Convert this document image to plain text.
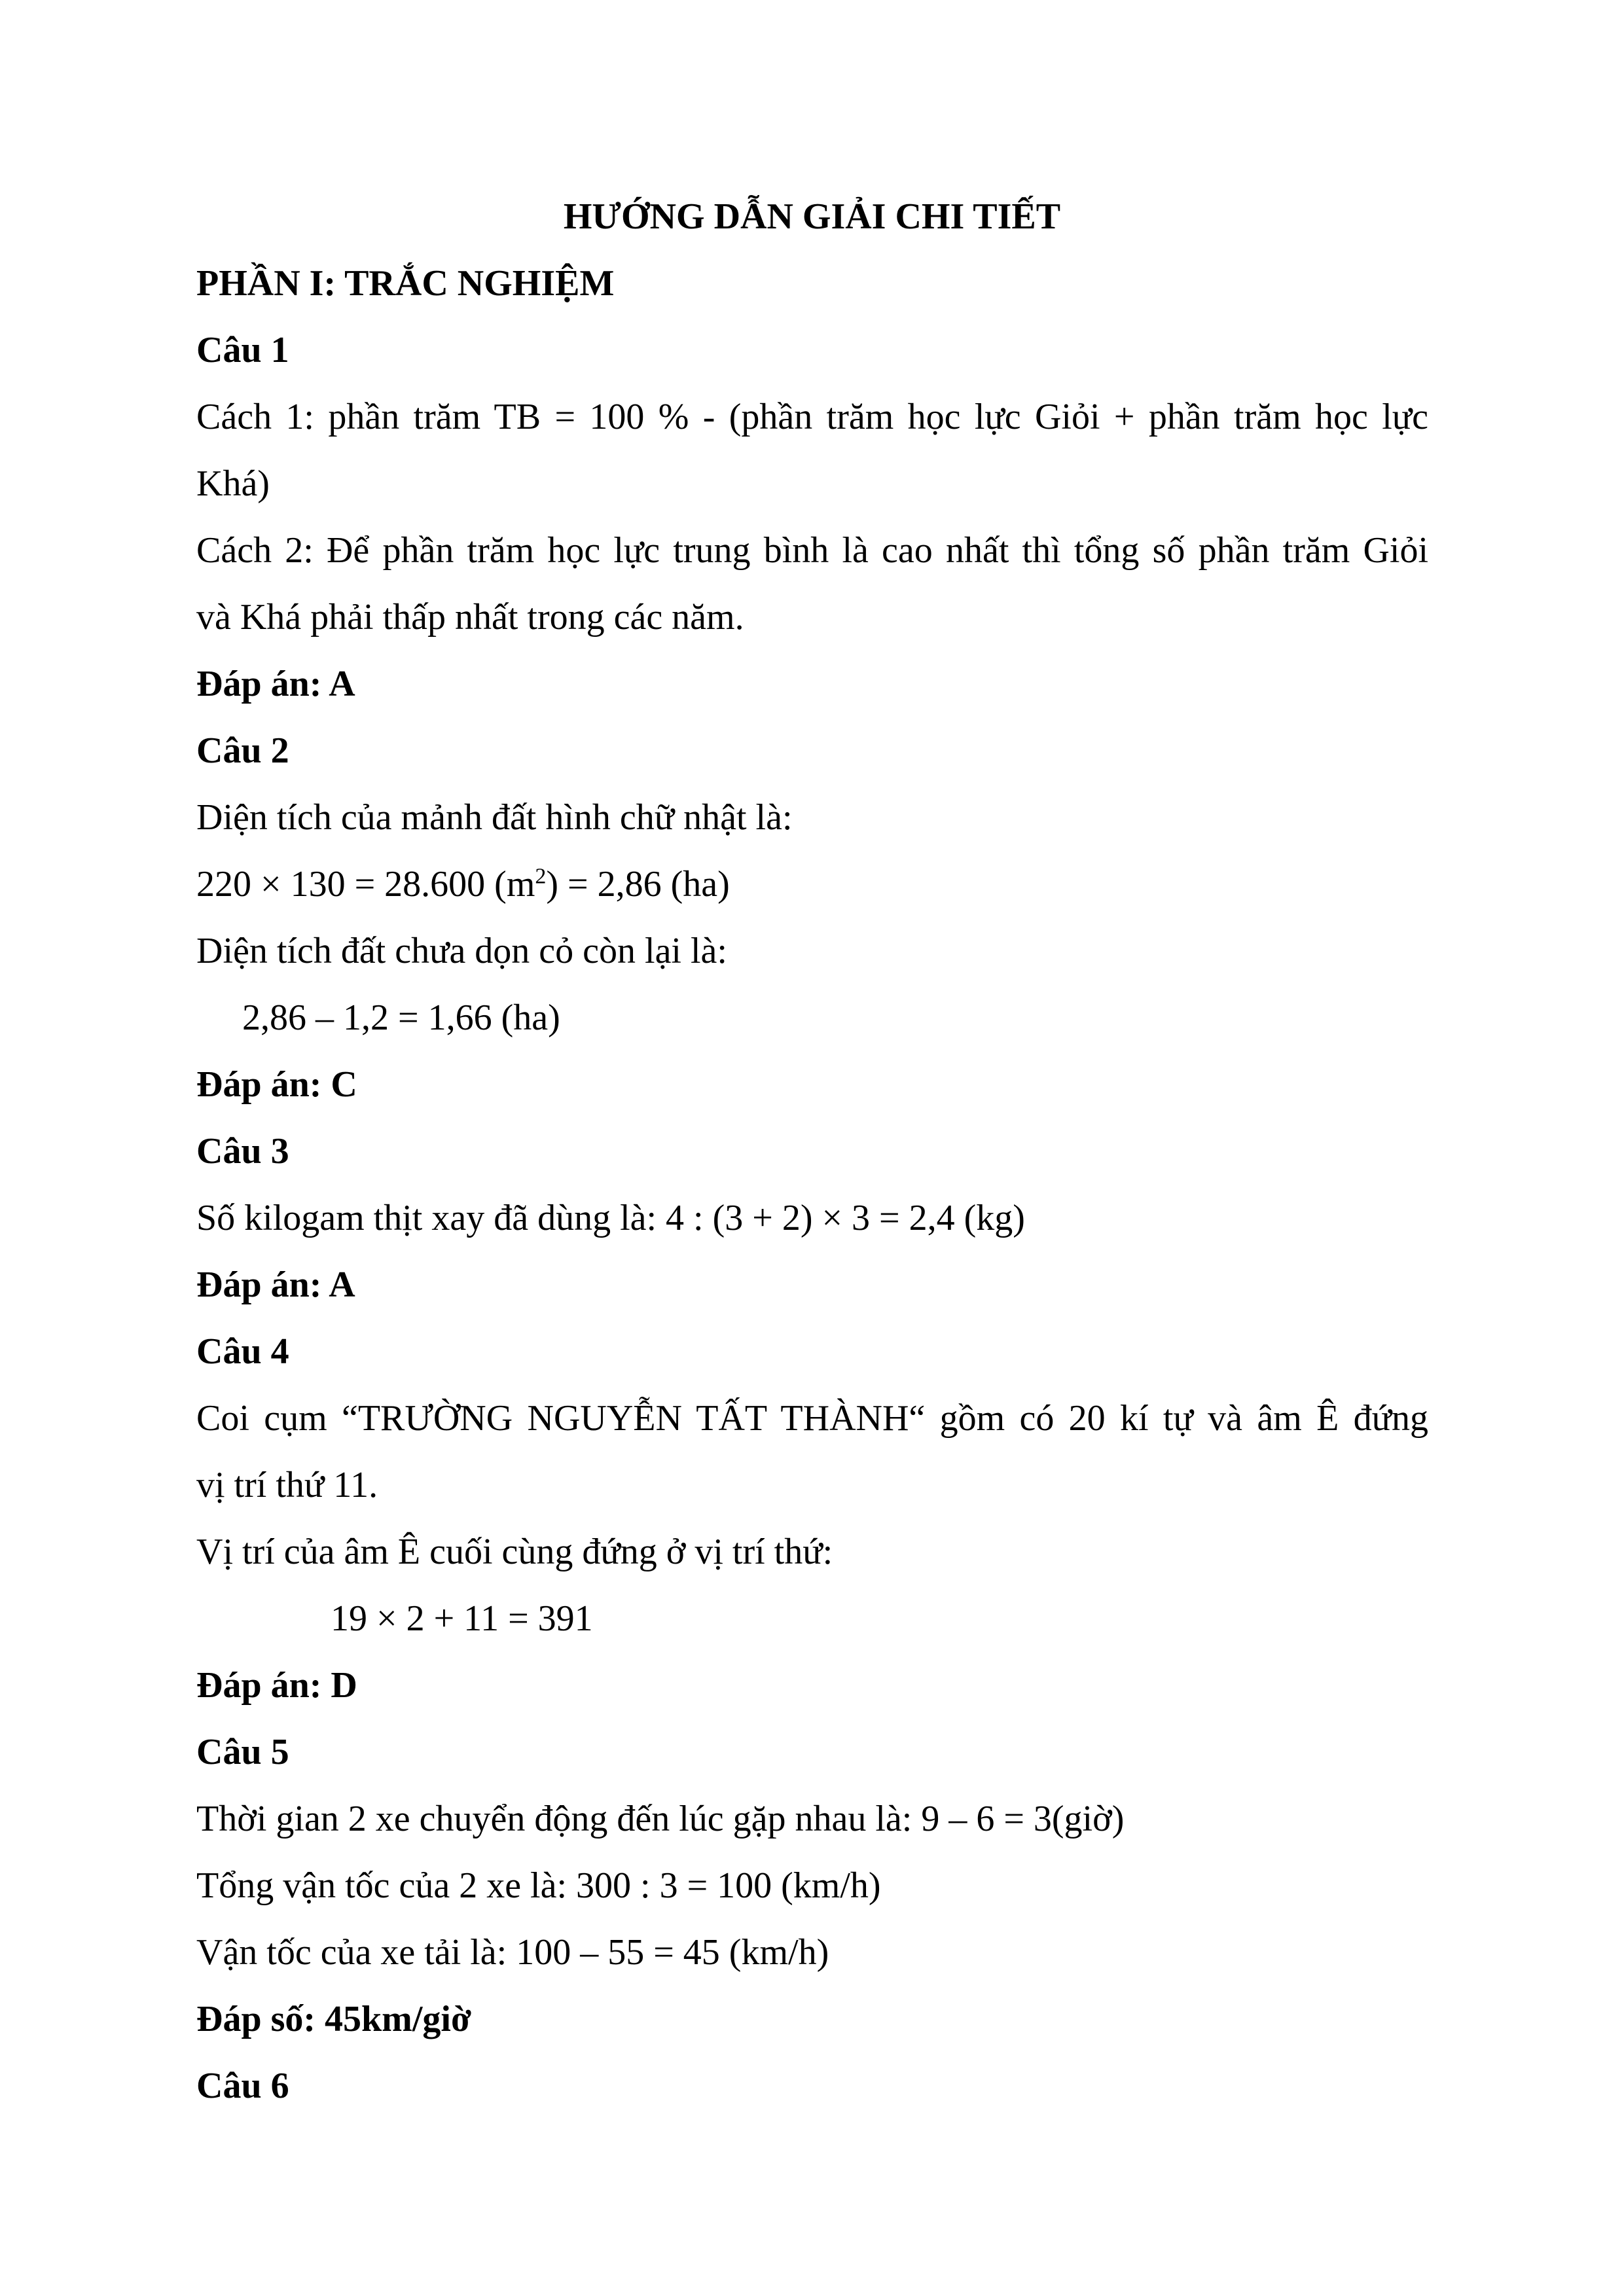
HƯỚNG DẪN GIẢI CHI TIẾT
PHẦN I: TRẮC NGHIỆM
Câu 1
Cách 1: phần trăm TB = 100 % - (phần trăm học lực Giỏi + phần trăm học lực
Khá)
Cách 2: Để phần trăm học lực trung bình là cao nhất thì tổng số phần trăm Giỏi
và Khá phải thấp nhất trong các năm.
Đáp án: A
Câu 2
Diện tích của mảnh đất hình chữ nhật là:
220 × 130 = 28.600 $(m^2) = 2,86$ (ha)
Diện tích đất chưa dọn cỏ còn lại là:
2,86 – 1,2 = 1,66 (ha)
Đáp án: C
Câu 3
Số kilogam thịt xay đã dùng là: 4 : (3 + 2) × 3 = 2,4 (kg)
Đáp án: A
Câu 4
Coi cụm “TRƯỜNG NGUYỄN TẤT THÀNH“ gồm có 20 kí tự và âm Ê đứng
vị trí thứ 11.
Vị trí của âm Ê cuối cùng đứng ở vị trí thứ:
19 × 2 + 11 = 391
Đáp án: D
Câu 5
Thời gian 2 xe chuyển động đến lúc gặp nhau là: 9 – 6 = 3(giờ)
Tổng vận tốc của 2 xe là: 300 : 3 = 100 (km/h)
Vận tốc của xe tải là: 100 – 55 = 45 (km/h)
Đáp số: 45km/giờ
Câu 6
